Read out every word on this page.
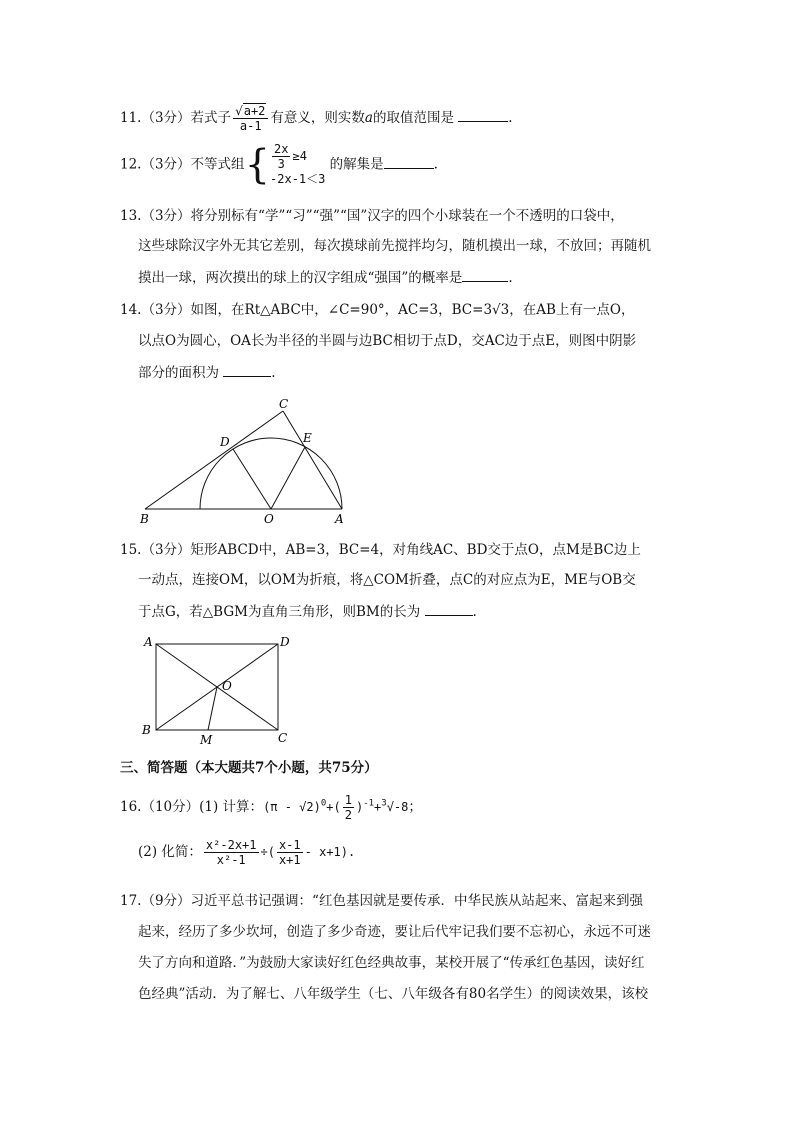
11.（3分）若式子 $\frac{√a+2}{a-1}$ 有意义，则实数a的取值范围是	.
12.（3分）不等式组{ $\frac{2x}{3} \ge 4$
-2x-1＜3
的解集是	.
13.（3分）将分别标有“学”“习”“强”“国”汉字的四个小球装在一个不透明的口袋中，
这些球除汉字外无其它差别，每次摸球前先搅拌均匀，随机摸出一球，不放回；再随机
摸出一球，两次摸出的球上的汉字组成“强国”的概率是	.
14.（3分）如图，在Rt△ABC中，∠C=90°，AC=3，BC=3√3，在AB上有一点O，
以点O为圆心，OA长为半径的半圆与边BC相切于点D，交AC边于点E，则图中阴影
部分的面积为	.
B	O	A
C
D	E
15.（3分）矩形ABCD中，AB=3，BC=4，对角线AC、BD交于点O，点M是BC边上
一动点，连接OM，以OM为折痕，将△COM折叠，点C的对应点为E，ME与OB交
于点G，若△BGM为直角三角形，则BM的长为	.
A	D
O
B
C
M
三、简答题（本大题共7个小题，共75分）
16.（10分）(1) 计算：$(\pi - √2)^0+( \frac{1}{2} )^{-1}+^3√-8$；
(2) 化简： $\frac{\text{x²-2x+1}}{\text{x²-1}}$ ÷( $\frac{x-1}{x+1} - x+1$).
17.（9分）习近平总书记强调：“红色基因就是要传承．中华民族从站起来、富起来到强
起来，经历了多少坎坷，创造了多少奇迹，要让后代牢记我们要不忘初心，永远不可迷
失了方向和道路．”为鼓励大家读好红色经典故事，某校开展了“传承红色基因，读好红
色经典”活动．为了解七、八年级学生（七、八年级各有80名学生）的阅读效果，该校
